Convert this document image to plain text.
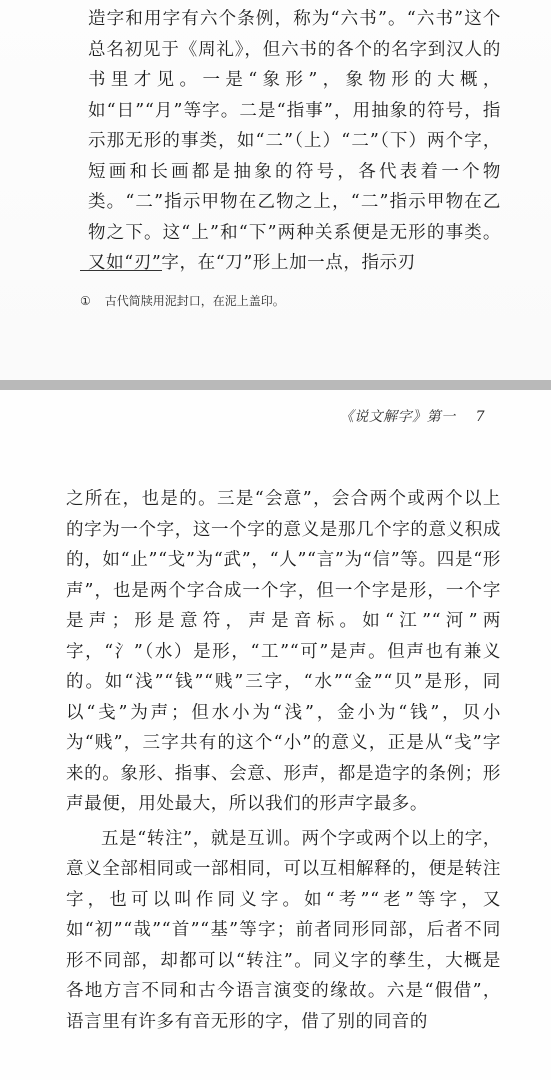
造字和用字有六个条例，称为“六书”。“六书”这个总名初见于《周礼》，但六书的各个的名字到汉人的书里才见。一是“象形”，象物形的大概，如“日”“月”等字。二是“指事”，用抽象的符号，指示那无形的事类，如“⼆”（上）“⼆”（下）两个字，短画和长画都是抽象的符号，各代表着一个物类。“⼆”指示甲物在乙物之上，“⼆”指示甲物在乙物之下。这“上”和“下”两种关系便是无形的事类。又如“刃”字，在“刀”形上加一点，指示刃

① 古代简牍用泥封口，在泥上盖印。
《说文解字》第一 7

之所在，也是的。三是“会意”，会合两个或两个以上的字为一个字，这一个字的意义是那几个字的意义积成的，如“止”“戈”为“武”，“人”“言”为“信”等。四是“形声”，也是两个字合成一个字，但一个字是形，一个字是声；形是意符，声是音标。如“江”“河”两字，“氵”（水）是形，“工”“可”是声。但声也有兼义的。如“浅”“钱”“贱”三字，“水”“金”“贝”是形，同以“戋”为声；但水小为“浅”，金小为“钱”，贝小为“贱”，三字共有的这个“小”的意义，正是从“戋”字来的。象形、指事、会意、形声，都是造字的条例；形声最便，用处最大，所以我们的形声字最多。

五是“转注”，就是互训。两个字或两个以上的字，意义全部相同或一部相同，可以互相解释的，便是转注字，也可以叫作同义字。如“考”“老”等字，又如“初”“哉”“首”“基”等字；前者同形同部，后者不同形不同部，却都可以“转注”。同义字的孳生，大概是各地方言不同和古今语言演变的缘故。六是“假借”，语言里有许多有音无形的字，借了别的同音的
